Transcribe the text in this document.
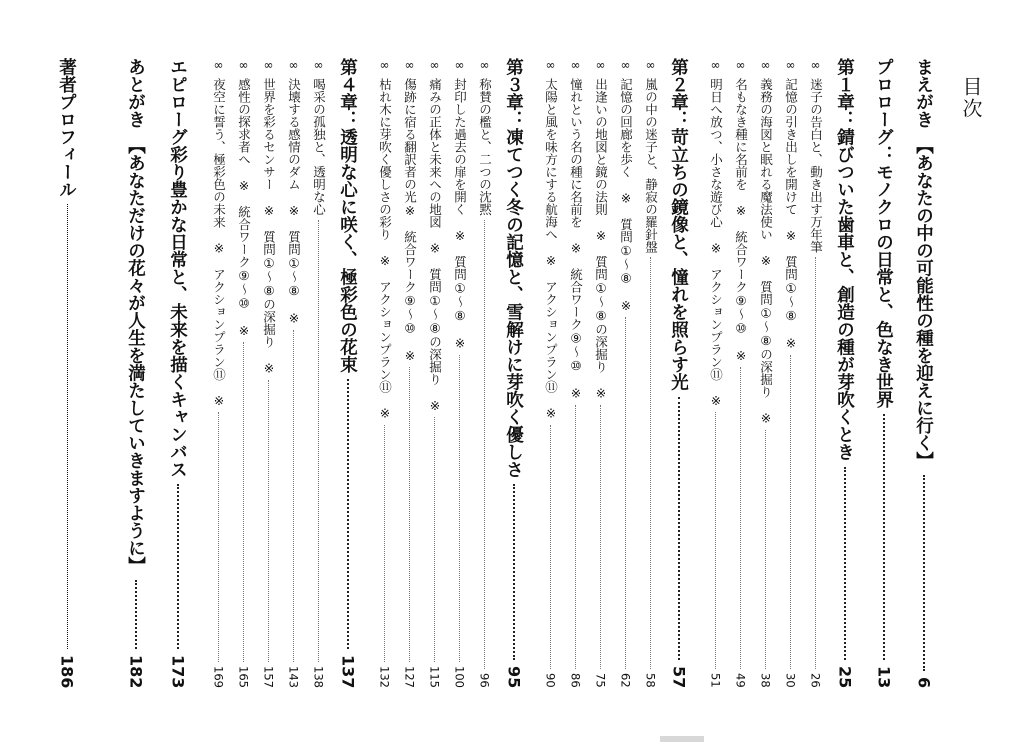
目次
まえがき　【あなたの中の可能性の種を迎えに行く】
6
プロローグ：モノクロの日常と、色なき世界
13
第１章：錆びついた歯車と、創造の種が芽吹くとき
25
∞
迷子の告白と、動き出す万年筆
26
∞
記憶の引き出しを開けて　※　質問①～⑧　※
30
∞
義務の海図と眠れる魔法使い　※　質問①～⑧の深掘り　※
38
∞
名もなき種に名前を　※　統合ワーク⑨～⑩　※
49
∞
明日へ放つ、小さな遊び心　※　アクションプラン⑪　※
51
第２章：苛立ちの鏡像と、憧れを照らす光
57
∞
嵐の中の迷子と、静寂の羅針盤
58
∞
記憶の回廊を歩く　※　質問①～⑧　※
62
∞
出逢いの地図と鏡の法則　※　質問①～⑧の深掘り　※
75
∞
憧れという名の種に名前を　※　統合ワーク⑨～⑩　※
86
∞
太陽と風を味方にする航海へ　※　アクションプラン⑪　※
90
第３章：凍てつく冬の記憶と、雪解けに芽吹く優しさ
95
∞
称賛の檻と、二つの沈黙
96
∞
封印した過去の扉を開く　※　質問①～⑧　※
100
∞
痛みの正体と未来への地図　※　質問①～⑧の深掘り　※
115
∞
傷跡に宿る翻訳者の光※　統合ワーク⑨～⑩　※
127
∞
枯れ木に芽吹く優しさの彩り　※　アクションプラン⑪　※
132
第４章：透明な心に咲く、極彩色の花束
137
∞
喝采の孤独と、透明な心
138
∞
決壊する感情のダム　※　質問①～⑧　※
143
∞
世界を彩るセンサー　※　質問①～⑧の深掘り　※
157
∞
感性の探求者へ　※　統合ワーク⑨～⑩　※
165
∞
夜空に誓う、極彩色の未来　※　アクションプラン⑪　※
169
エピローグ彩り豊かな日常と、未来を描くキャンバス
173
あとがき　【あなただけの花々が人生を満たしていきますように】
182
著者プロフィール
186
